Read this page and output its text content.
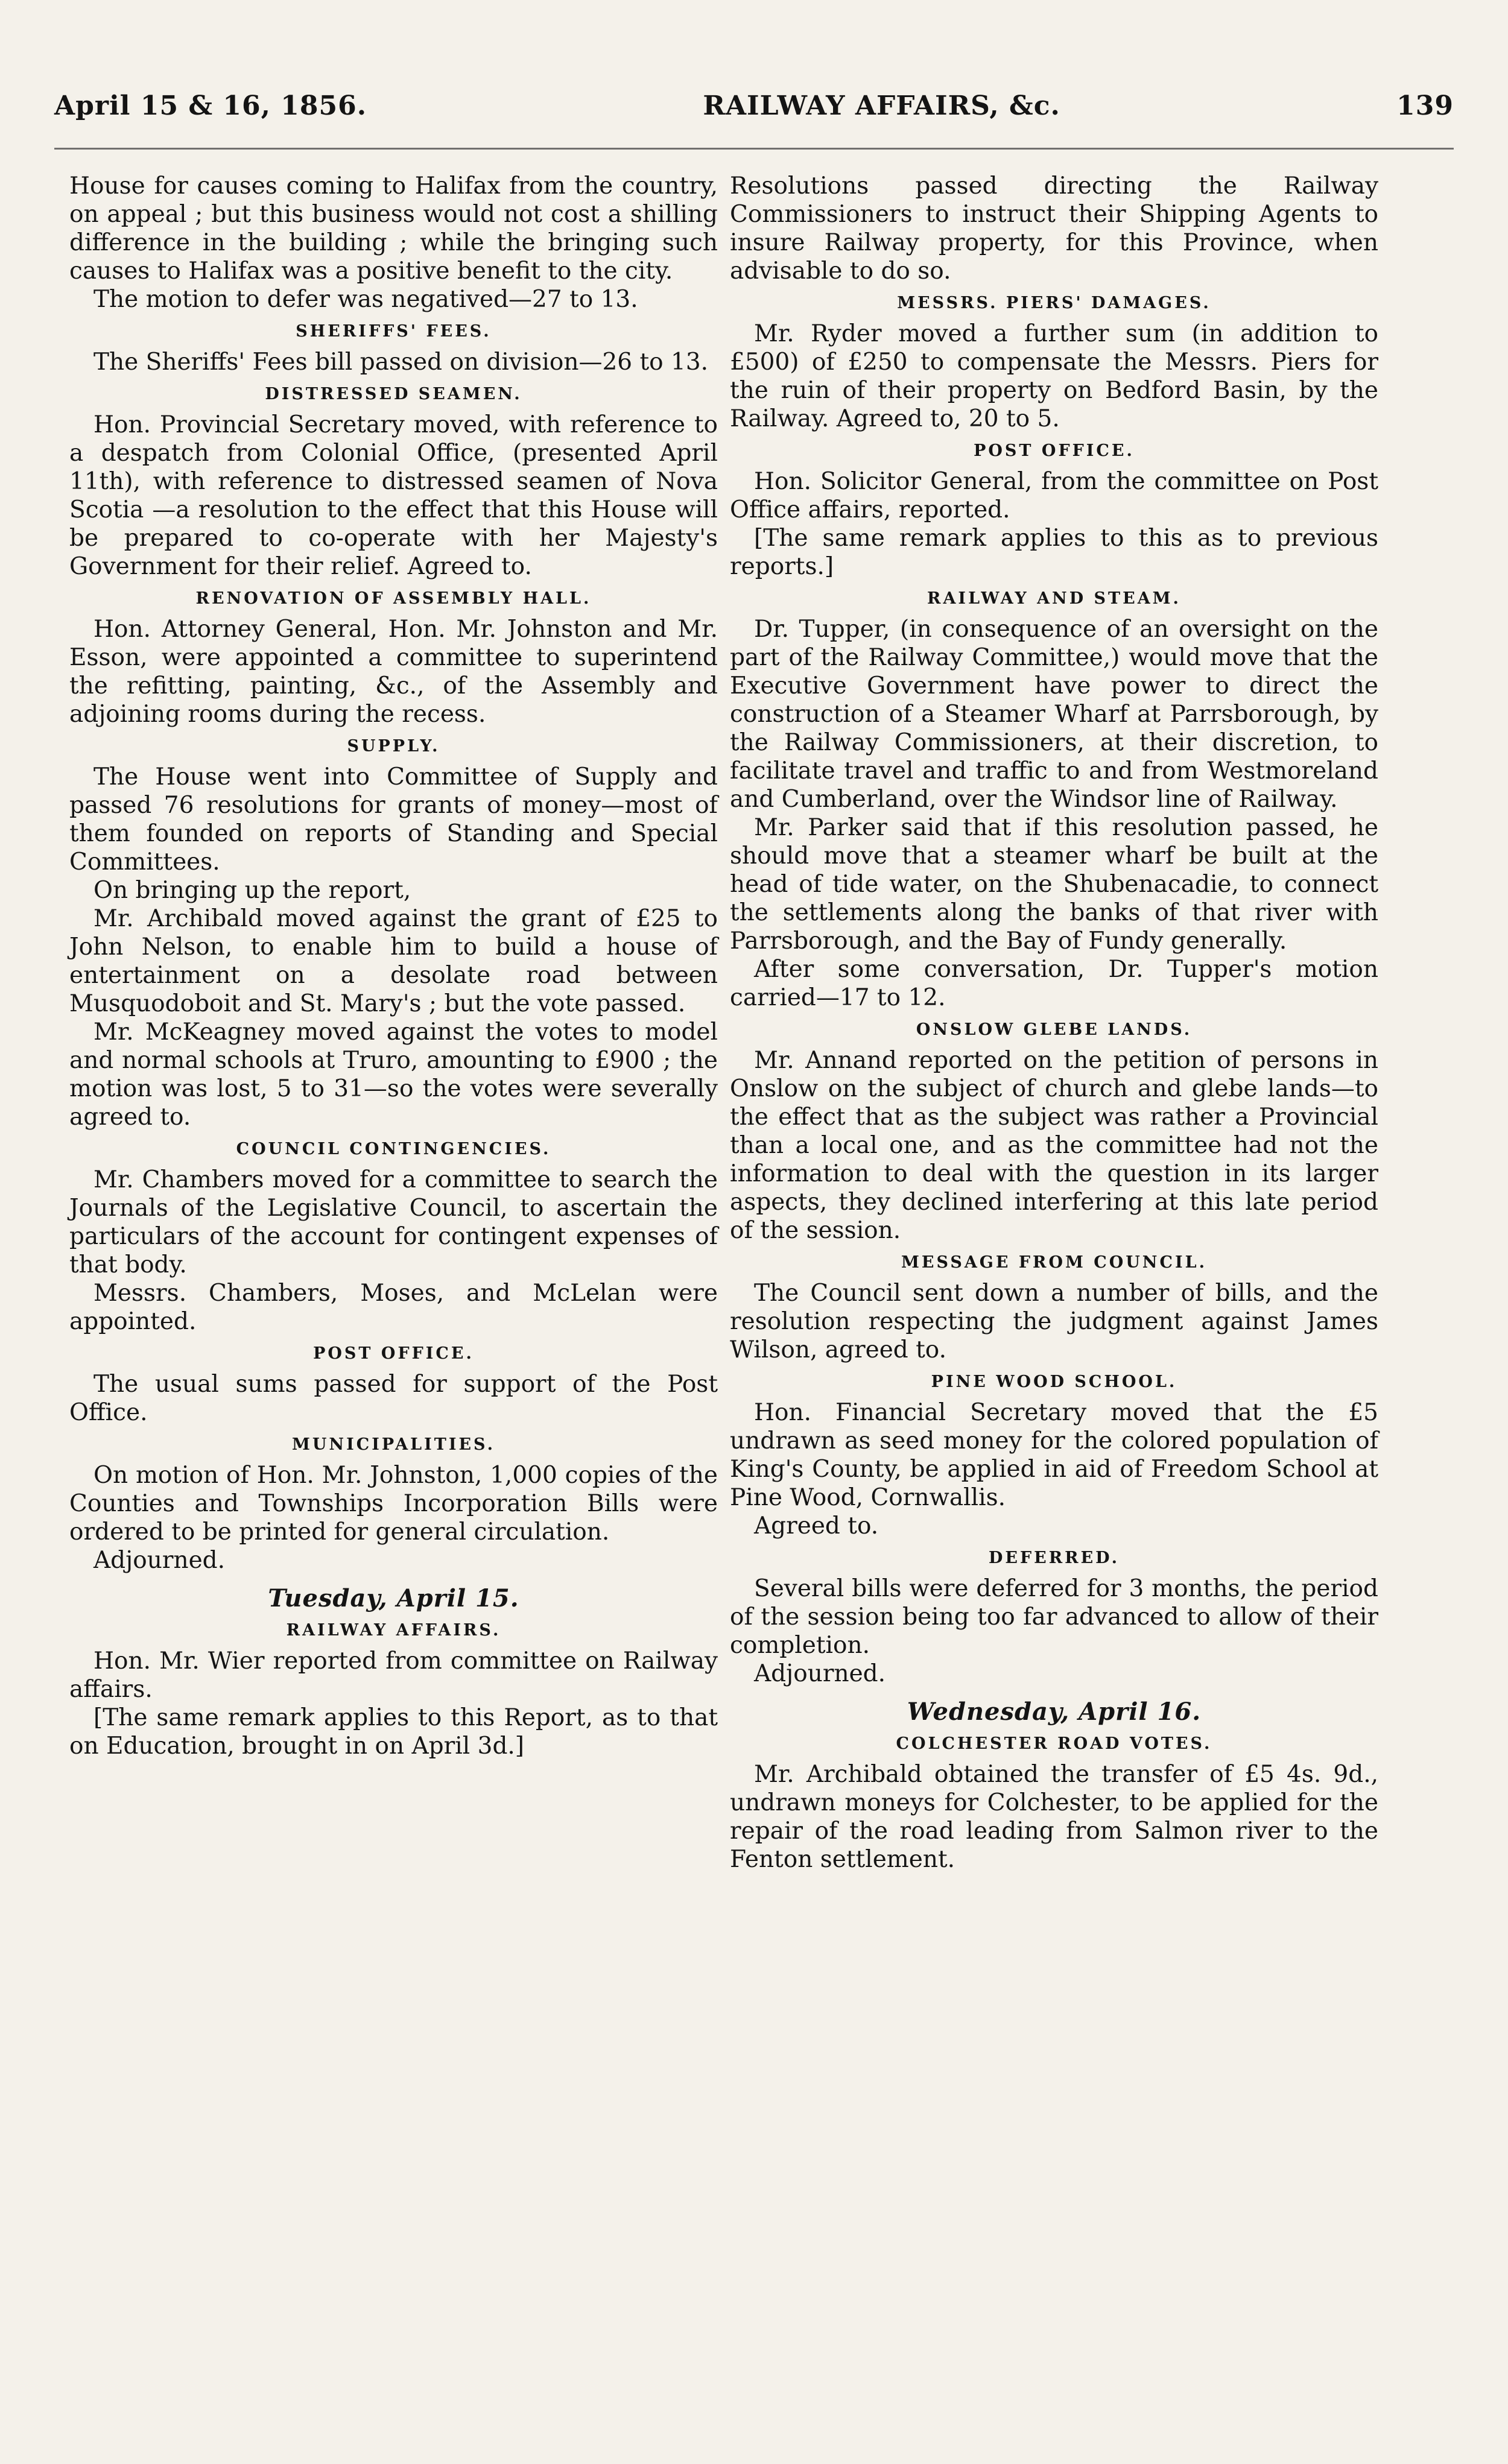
April 15 & 16, 1856.	RAILWAY AFFAIRS, &c.	139

House for causes coming to Halifax from the country, on appeal ; but this business would not cost a shilling difference in the building ; while the bringing such causes to Halifax was a positive benefit to the city.

The motion to defer was negatived—27 to 13.

SHERIFFS' FEES.

The Sheriffs' Fees bill passed on division—26 to 13.

DISTRESSED SEAMEN.

Hon. Provincial Secretary moved, with reference to a despatch from Colonial Office, (presented April 11th), with reference to distressed seamen of Nova Scotia —a resolution to the effect that this House will be prepared to co-operate with her Majesty's Government for their relief. Agreed to.

RENOVATION OF ASSEMBLY HALL.

Hon. Attorney General, Hon. Mr. Johnston and Mr. Esson, were appointed a committee to superintend the refitting, painting, &c., of the Assembly and adjoining rooms during the recess.

SUPPLY.

The House went into Committee of Supply and passed 76 resolutions for grants of money—most of them founded on reports of Standing and Special Committees.

On bringing up the report,

Mr. Archibald moved against the grant of £25 to John Nelson, to enable him to build a house of entertainment on a desolate road between Musquodoboit and St. Mary's ; but the vote passed.

Mr. McKeagney moved against the votes to model and normal schools at Truro, amounting to £900 ; the motion was lost, 5 to 31—so the votes were severally agreed to.

COUNCIL CONTINGENCIES.

Mr. Chambers moved for a committee to search the Journals of the Legislative Council, to ascertain the particulars of the account for contingent expenses of that body.

Messrs. Chambers, Moses, and McLelan were appointed.

POST OFFICE.

The usual sums passed for support of the Post Office.

MUNICIPALITIES.

On motion of Hon. Mr. Johnston, 1,000 copies of the Counties and Townships Incorporation Bills were ordered to be printed for general circulation.

Adjourned.

Tuesday, April 15.
RAILWAY AFFAIRS.

Hon. Mr. Wier reported from committee on Railway affairs.

[The same remark applies to this Report, as to that on Education, brought in on April 3d.]

Resolutions passed directing the Railway Commissioners to instruct their Shipping Agents to insure Railway property, for this Province, when advisable to do so.

MESSRS. PIERS' DAMAGES.

Mr. Ryder moved a further sum (in addition to £500) of £250 to compensate the Messrs. Piers for the ruin of their property on Bedford Basin, by the Railway. Agreed to, 20 to 5.

POST OFFICE.

Hon. Solicitor General, from the committee on Post Office affairs, reported.

[The same remark applies to this as to previous reports.]

RAILWAY AND STEAM.

Dr. Tupper, (in consequence of an oversight on the part of the Railway Committee,) would move that the Executive Government have power to direct the construction of a Steamer Wharf at Parrsborough, by the Railway Commissioners, at their discretion, to facilitate travel and traffic to and from Westmoreland and Cumberland, over the Windsor line of Railway.

Mr. Parker said that if this resolution passed, he should move that a steamer wharf be built at the head of tide water, on the Shubenacadie, to connect the settlements along the banks of that river with Parrsborough, and the Bay of Fundy generally.

After some conversation, Dr. Tupper's motion carried—17 to 12.

ONSLOW GLEBE LANDS.

Mr. Annand reported on the petition of persons in Onslow on the subject of church and glebe lands—to the effect that as the subject was rather a Provincial than a local one, and as the committee had not the information to deal with the question in its larger aspects, they declined interfering at this late period of the session.

MESSAGE FROM COUNCIL.

The Council sent down a number of bills, and the resolution respecting the judgment against James Wilson, agreed to.

PINE WOOD SCHOOL.

Hon. Financial Secretary moved that the £5 undrawn as seed money for the colored population of King's County, be applied in aid of Freedom School at Pine Wood, Cornwallis.

Agreed to.

DEFERRED.

Several bills were deferred for 3 months, the period of the session being too far advanced to allow of their completion.

Adjourned.

Wednesday, April 16.
COLCHESTER ROAD VOTES.

Mr. Archibald obtained the transfer of £5 4s. 9d., undrawn moneys for Colchester, to be applied for the repair of the road leading from Salmon river to the Fenton settlement.
